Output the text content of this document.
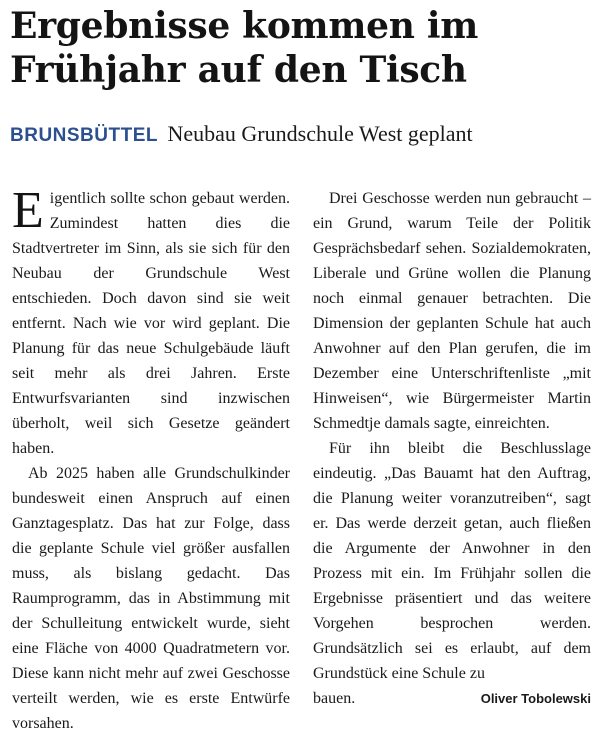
Ergebnisse kommen im
Frühjahr auf den Tisch
BRUNSBÜTTEL Neubau Grundschule West geplant

Eigentlich sollte schon gebaut werden. Zumindest hatten dies die Stadtvertreter im Sinn, als sie sich für den Neubau der Grundschule West entschieden. Doch davon sind sie weit entfernt. Nach wie vor wird geplant. Die Planung für das neue Schulgebäude läuft seit mehr als drei Jahren. Erste Entwurfsvarianten sind inzwischen überholt, weil sich Gesetze geändert haben.

Ab 2025 haben alle Grundschulkinder bundesweit einen Anspruch auf einen Ganztagesplatz. Das hat zur Folge, dass die geplante Schule viel größer ausfallen muss, als bislang gedacht. Das Raumprogramm, das in Abstimmung mit der Schulleitung entwickelt wurde, sieht eine Fläche von 4000 Quadratmetern vor. Diese kann nicht mehr auf zwei Geschosse verteilt werden, wie es erste Entwürfe vorsahen.

Drei Geschosse werden nun gebraucht – ein Grund, warum Teile der Politik Gesprächsbedarf sehen. Sozialdemokraten, Liberale und Grüne wollen die Planung noch einmal genauer betrachten. Die Dimension der geplanten Schule hat auch Anwohner auf den Plan gerufen, die im Dezember eine Unterschriftenliste „mit Hinweisen“, wie Bürgermeister Martin Schmedtje damals sagte, einreichten.

Für ihn bleibt die Beschlusslage eindeutig. „Das Bauamt hat den Auftrag, die Planung weiter voranzutreiben“, sagt er. Das werde derzeit getan, auch fließen die Argumente der Anwohner in den Prozess mit ein. Im Frühjahr sollen die Ergebnisse präsentiert und das weitere Vorgehen besprochen werden. Grundsätzlich sei es erlaubt, auf dem Grundstück eine Schule zu

bauen.	Oliver Tobolewski
